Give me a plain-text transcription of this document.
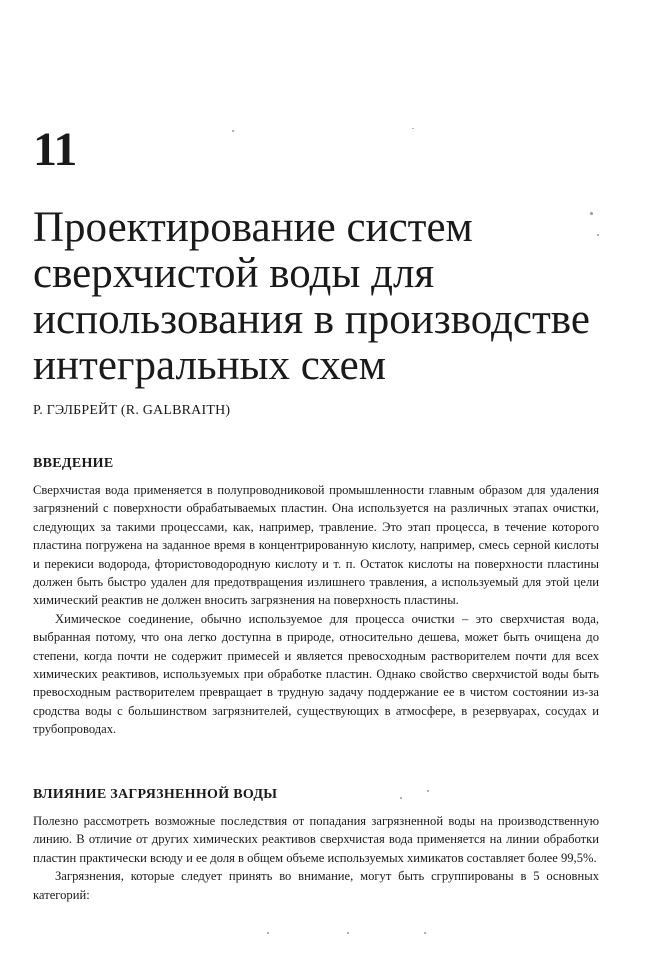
11
Проектирование систем
сверхчистой воды для
использования в производстве
интегральных схем

Р. ГЭЛБРЕЙТ (R. GALBRAITH)

ВВЕДЕНИЕ

Сверхчистая вода применяется в полупроводниковой промышленности главным образом для удаления загрязнений с поверхности обрабатываемых пластин. Она используется на различных этапах очистки, следующих за такими процессами, как, например, травление. Это этап процесса, в течение которого пластина погружена на заданное время в концентрированную кислоту, например, смесь серной кислоты и перекиси водорода, фтористоводородную кислоту и т. п. Остаток кислоты на поверхности пластины должен быть быстро удален для предотвращения излишнего травления, а используемый для этой цели химический реактив не должен вносить загрязнения на поверхность пластины.

Химическое соединение, обычно используемое для процесса очистки – это сверхчистая вода, выбранная потому, что она легко доступна в природе, относительно дешева, может быть очищена до степени, когда почти не содержит примесей и является превосходным растворителем почти для всех химических реактивов, используемых при обработке пластин. Однако свойство сверхчистой воды быть превосходным растворителем превращает в трудную задачу поддержание ее в чистом состоянии из-за сродства воды с большинством загрязнителей, существующих в атмосфере, в резервуарах, сосудах и трубопроводах.

ВЛИЯНИЕ ЗАГРЯЗНЕННОЙ ВОДЫ

Полезно рассмотреть возможные последствия от попадания загрязненной воды на производственную линию. В отличие от других химических реактивов сверхчистая вода применяется на линии обработки пластин практически всюду и ее доля в общем объеме используемых химикатов составляет более 99,5%.

Загрязнения, которые следует принять во внимание, могут быть сгруппированы в 5 основных категорий:
